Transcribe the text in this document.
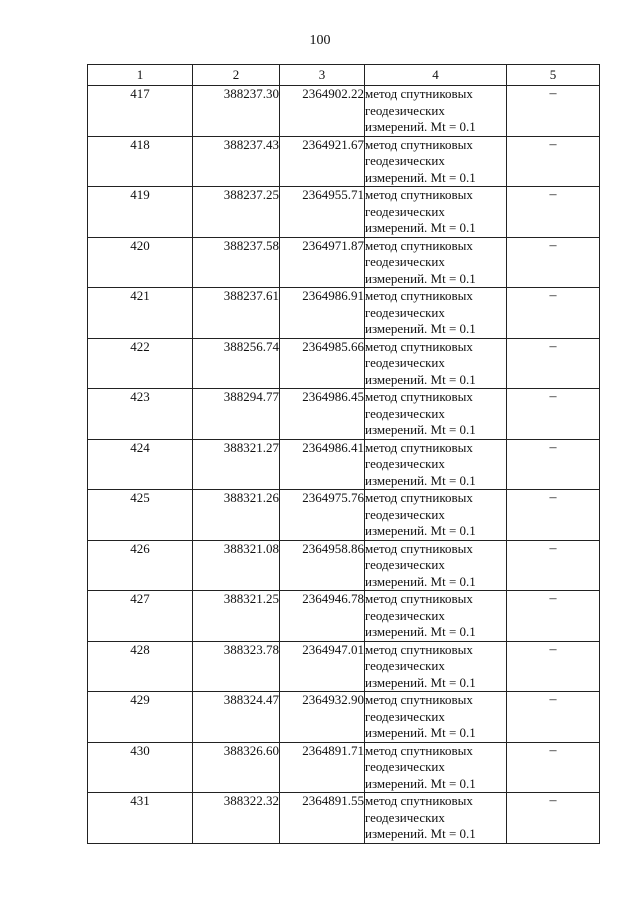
100
1	2	3	4	5
417	388237.30	2364902.22	метод спутниковых
геодезических
измерений. Mt = 0.1	–
418	388237.43	2364921.67	метод спутниковых
геодезических
измерений. Mt = 0.1	–
419	388237.25	2364955.71	метод спутниковых
геодезических
измерений. Mt = 0.1	–
420	388237.58	2364971.87	метод спутниковых
геодезических
измерений. Mt = 0.1	–
421	388237.61	2364986.91	метод спутниковых
геодезических
измерений. Mt = 0.1	–
422	388256.74	2364985.66	метод спутниковых
геодезических
измерений. Mt = 0.1	–
423	388294.77	2364986.45	метод спутниковых
геодезических
измерений. Mt = 0.1	–
424	388321.27	2364986.41	метод спутниковых
геодезических
измерений. Mt = 0.1	–
425	388321.26	2364975.76	метод спутниковых
геодезических
измерений. Mt = 0.1	–
426	388321.08	2364958.86	метод спутниковых
геодезических
измерений. Mt = 0.1	–
427	388321.25	2364946.78	метод спутниковых
геодезических
измерений. Mt = 0.1	–
428	388323.78	2364947.01	метод спутниковых
геодезических
измерений. Mt = 0.1	–
429	388324.47	2364932.90	метод спутниковых
геодезических
измерений. Mt = 0.1	–
430	388326.60	2364891.71	метод спутниковых
геодезических
измерений. Mt = 0.1	–
431	388322.32	2364891.55	метод спутниковых
геодезических
измерений. Mt = 0.1	–
